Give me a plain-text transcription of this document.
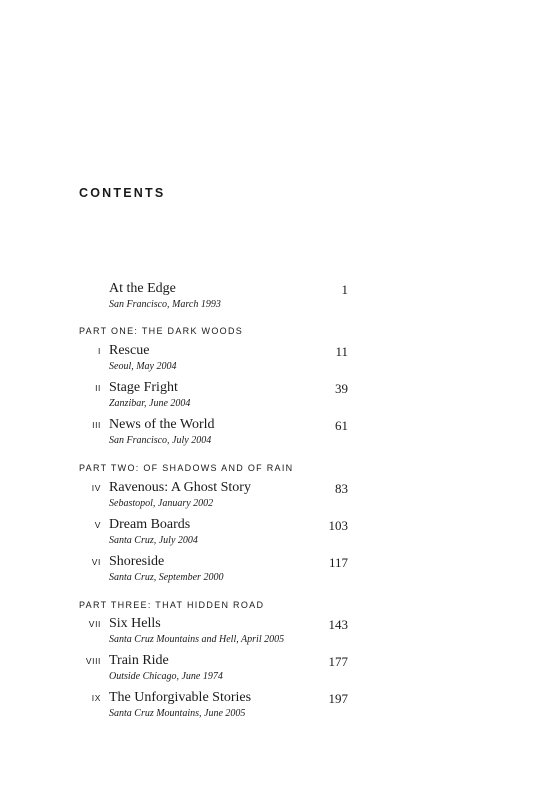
CONTENTS
At the Edge
San Francisco, March 1993
1
PART ONE: THE DARK WOODS
I Rescue
Seoul, May 2004
11
II Stage Fright
Zanzibar, June 2004
39
III News of the World
San Francisco, July 2004
61
PART TWO: OF SHADOWS AND OF RAIN
IV Ravenous: A Ghost Story
Sebastopol, January 2002
83
V Dream Boards
Santa Cruz, July 2004
103
VI Shoreside
Santa Cruz, September 2000
117
PART THREE: THAT HIDDEN ROAD
VII Six Hells
Santa Cruz Mountains and Hell, April 2005
143
VIII Train Ride
Outside Chicago, June 1974
177
IX The Unforgivable Stories
Santa Cruz Mountains, June 2005
197
